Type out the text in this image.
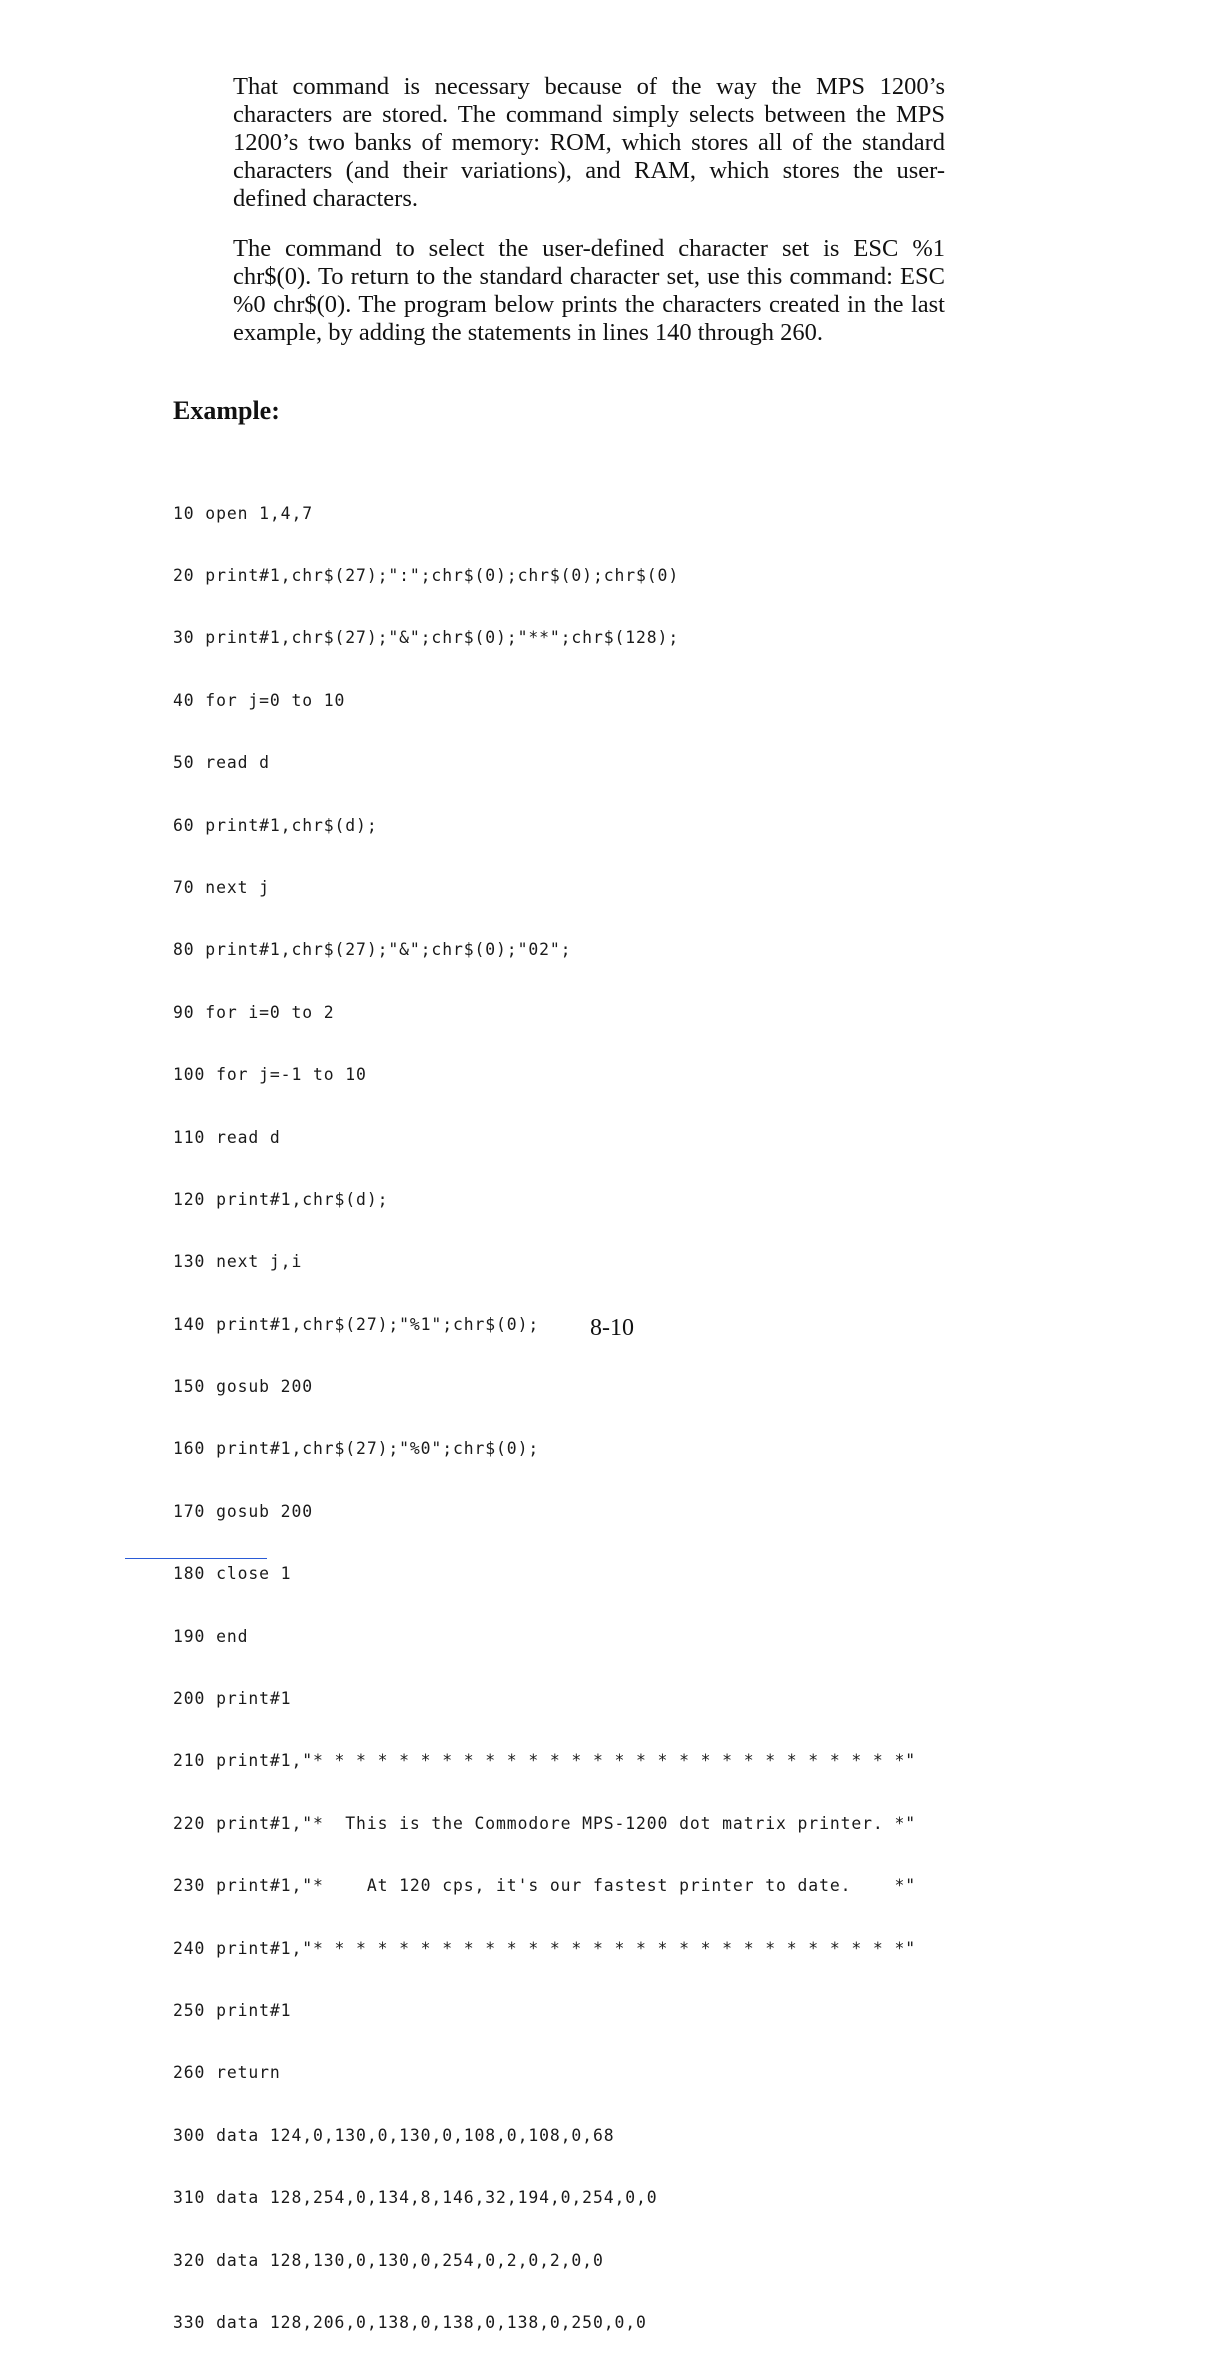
That command is necessary because of the way the MPS 1200’s characters are stored. The command simply selects between the MPS 1200’s two banks of memory: ROM, which stores all of the standard characters (and their variations), and RAM, which stores the user-defined characters.

The command to select the user-defined character set is ESC %1 chr$(0). To return to the standard character set, use this command: ESC %0 chr$(0). The program below prints the characters created in the last example, by adding the statements in lines 140 through 260.

Example:

10 open 1,4,7

20 print#1,chr$(27);":";chr$(0);chr$(0);chr$(0)

30 print#1,chr$(27);"&";chr$(0);"**";chr$(128);

40 for j=0 to 10

50 read d

60 print#1,chr$(d);

70 next j

80 print#1,chr$(27);"&";chr$(0);"02";

90 for i=0 to 2

100 for j=-1 to 10

110 read d

120 print#1,chr$(d);

130 next j,i

140 print#1,chr$(27);"%1";chr$(0);

150 gosub 200

160 print#1,chr$(27);"%0";chr$(0);

170 gosub 200

180 close 1

190 end

200 print#1

210 print#1,"* * * * * * * * * * * * * * * * * * * * * * * * * * * *"

220 print#1,"*  This is the Commodore MPS-1200 dot matrix printer. *"

230 print#1,"*    At 120 cps, it's our fastest printer to date.    *"

240 print#1,"* * * * * * * * * * * * * * * * * * * * * * * * * * * *"

250 print#1

260 return

300 data 124,0,130,0,130,0,108,0,108,0,68

310 data 128,254,0,134,8,146,32,194,0,254,0,0

320 data 128,130,0,130,0,254,0,2,0,2,0,0

330 data 128,206,0,138,0,138,0,138,0,250,0,0

8-10
